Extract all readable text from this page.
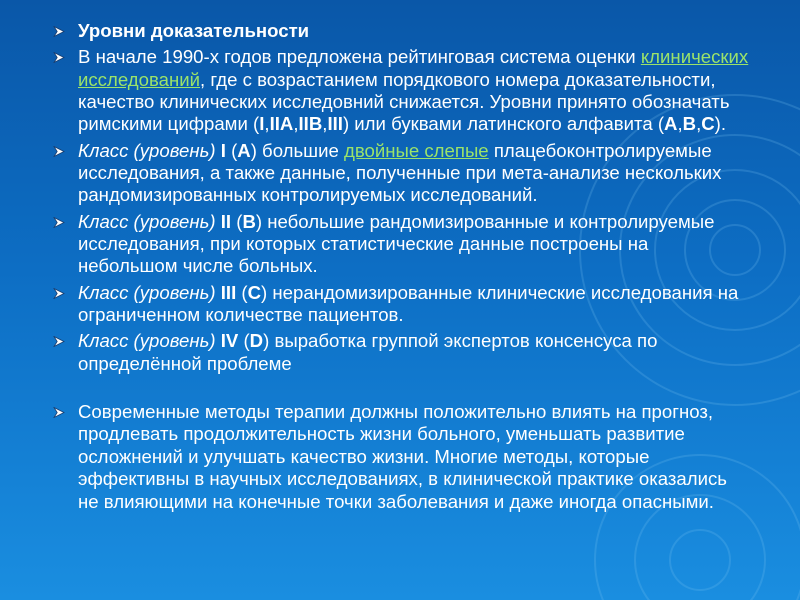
Уровни доказательности
В начале 1990-х годов предложена рейтинговая система оценки клинических исследований, где с возрастанием порядкового номера доказательности, качество клинических исследовний снижается. Уровни принято обозначать римскими цифрами (I,IIA,IIB,III) или буквами латинского алфавита (A,B,C).
Класс (уровень) I (A) большие двойные слепые плацебоконтролируемые исследования, а также данные, полученные при мета-анализе нескольких рандомизированных контролируемых исследований.
Класс (уровень) II (B) небольшие рандомизированные и контролируемые исследования, при которых статистические данные построены на небольшом числе больных.
Класс (уровень) III (C) нерандомизированные клинические исследования на ограниченном количестве пациентов.
Класс (уровень) IV (D) выработка группой экспертов консенсуса по определённой проблеме
Современные методы терапии должны положительно влиять на прогноз, продлевать продолжительность жизни больного, уменьшать развитие осложнений и улучшать качество жизни. Многие методы, которые эффективны в научных исследованиях, в клинической практике оказались не влияющими на конечные точки заболевания и даже иногда опасными.
